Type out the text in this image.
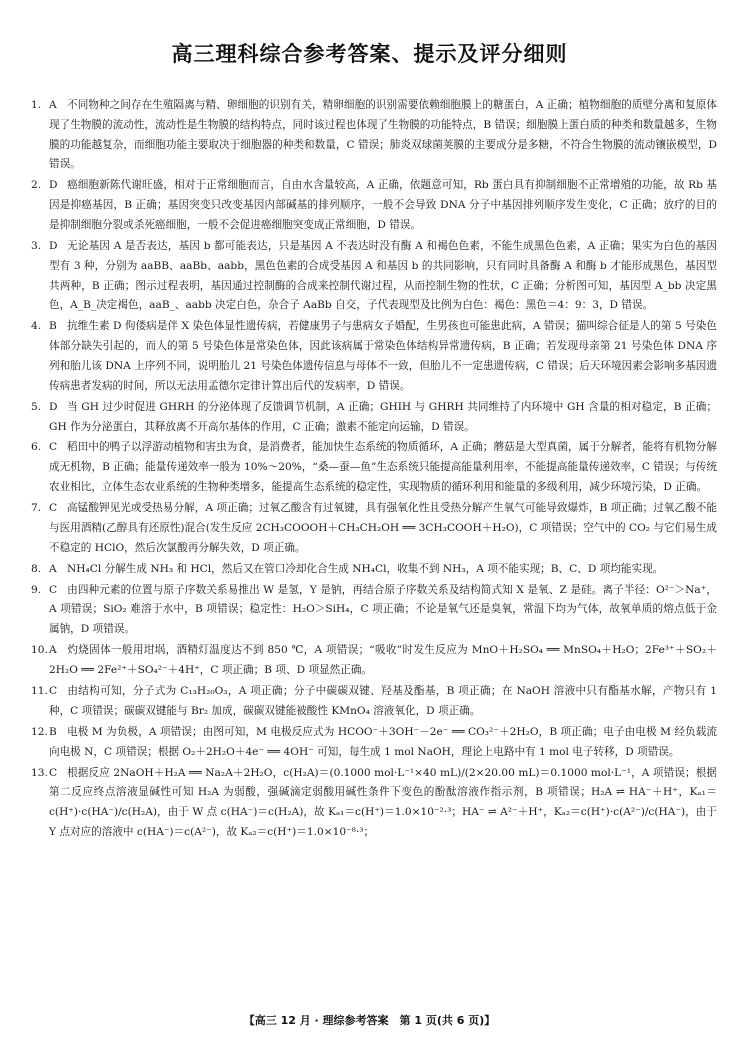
高三理科综合参考答案、提示及评分细则

1. A 不同物种之间存在生殖隔离与精、卵细胞的识别有关，精卵细胞的识别需要依赖细胞膜上的糖蛋白，A 正确；植物细胞的质壁分离和复原体现了生物膜的流动性，流动性是生物膜的结构特点，同时该过程也体现了生物膜的功能特点，B 错误；细胞膜上蛋白质的种类和数量越多，生物膜的功能越复杂，而细胞功能主要取决于细胞器的种类和数量，C 错误；肺炎双球菌荚膜的主要成分是多糖，不符合生物膜的流动镶嵌模型，D 错误。

2. D 癌细胞新陈代谢旺盛，相对于正常细胞而言，自由水含量较高，A 正确，依题意可知，Rb 蛋白具有抑制细胞不正常增殖的功能，故 Rb 基因是抑癌基因，B 正确；基因突变只改变基因内部碱基的排列顺序，一般不会导致 DNA 分子中基因排列顺序发生变化，C 正确；放疗的目的是抑制细胞分裂或杀死癌细胞，一般不会促进癌细胞突变成正常细胞，D 错误。

3. D 无论基因 A 是否表达，基因 b 都可能表达，只是基因 A 不表达时没有酶 A 和褐色色素，不能生成黑色色素，A 正确；果实为白色的基因型有 3 种，分别为 aaBB、aaBb、aabb，黑色色素的合成受基因 A 和基因 b 的共同影响，只有同时具备酶 A 和酶 b 才能形成黑色，基因型共两种，B 正确；图示过程表明，基因通过控制酶的合成来控制代谢过程，从而控制生物的性状，C 正确；分析图可知，基因型 A_bb 决定黑色，A_B_决定褐色，aaB_、aabb 决定白色，杂合子 AaBb 自交，子代表现型及比例为白色：褐色：黑色＝4：9：3，D 错误。

4. B 抗维生素 D 佝偻病是伴 X 染色体显性遗传病，若健康男子与患病女子婚配，生男孩也可能患此病，A 错误；猫叫综合征是人的第 5 号染色体部分缺失引起的，而人的第 5 号染色体是常染色体，因此该病属于常染色体结构异常遗传病，B 正确；若发现母亲第 21 号染色体 DNA 序列和胎儿该 DNA 上序列不同，说明胎儿 21 号染色体遗传信息与母体不一致，但胎儿不一定患遗传病，C 错误；后天环境因素会影响多基因遗传病患者发病的时间，所以无法用孟德尔定律计算出后代的发病率，D 错误。

5. D 当 GH 过少时促进 GHRH 的分泌体现了反馈调节机制，A 正确；GHIH 与 GHRH 共同维持了内环境中 GH 含量的相对稳定，B 正确；GH 作为分泌蛋白，其释放离不开高尔基体的作用，C 正确；激素不能定向运输，D 错误。

6. C 稻田中的鸭子以浮游动植物和害虫为食，是消费者，能加快生态系统的物质循环，A 正确；蘑菇是大型真菌，属于分解者，能将有机物分解成无机物，B 正确；能量传递效率一般为 10%～20%，“桑—蚕—鱼”生态系统只能提高能量利用率，不能提高能量传递效率，C 错误；与传统农业相比，立体生态农业系统的生物种类增多，能提高生态系统的稳定性，实现物质的循环利用和能量的多级利用，减少环境污染，D 正确。

7. C 高锰酸钾见光或受热易分解，A 项正确；过氧乙酸含有过氧键，具有强氧化性且受热分解产生氧气可能导致爆炸，B 项正确；过氧乙酸不能与医用酒精(乙醇具有还原性)混合(发生反应 2CH₃COOOH＋CH₃CH₂OH ══ 3CH₃COOH＋H₂O)，C 项错误；空气中的 CO₂ 与它们易生成不稳定的 HClO，然后次氯酸再分解失效，D 项正确。

8. A NH₄Cl 分解生成 NH₃ 和 HCl，然后又在管口冷却化合生成 NH₄Cl，收集不到 NH₃，A 项不能实现；B、C、D 项均能实现。

9. C 由四种元素的位置与原子序数关系易推出 W 是氢，Y 是钠，再结合原子序数关系及结构简式知 X 是氧、Z 是硅。离子半径：O²⁻＞Na⁺，A 项错误；SiO₂ 难溶于水中，B 项错误；稳定性：H₂O＞SiH₄，C 项正确；不论是氧气还是臭氧，常温下均为气体，故氧单质的熔点低于金属钠，D 项错误。

10.A 灼烧固体一般用坩埚，酒精灯温度达不到 850 ℃，A 项错误；“吸收”时发生反应为 MnO＋H₂SO₄ ══ MnSO₄＋H₂O；2Fe³⁺＋SO₂＋2H₂O ══ 2Fe²⁺＋SO₄²⁻＋4H⁺，C 项正确；B 项、D 项显然正确。

11.C 由结构可知，分子式为 C₁₃H₂₀O₃，A 项正确；分子中碳碳双键、羟基及酯基，B 项正确；在 NaOH 溶液中只有酯基水解，产物只有 1 种，C 项错误；碳碳双键能与 Br₂ 加成，碳碳双键能被酸性 KMnO₄ 溶液氧化，D 项正确。

12.B 电极 M 为负极，A 项错误；由图可知，M 电极反应式为 HCOO⁻＋3OH⁻－2e⁻ ══ CO₃²⁻＋2H₂O，B 项正确；电子由电极 M 经负载流向电极 N，C 项错误；根据 O₂＋2H₂O＋4e⁻ ══ 4OH⁻ 可知，每生成 1 mol NaOH，理论上电路中有 1 mol 电子转移，D 项错误。

13.C 根据反应 2NaOH＋H₂A ══ Na₂A＋2H₂O，c(H₂A)＝(0.1000 mol·L⁻¹×40 mL)/(2×20.00 mL)＝0.1000 mol·L⁻¹，A 项错误；根据第二反应终点溶液显碱性可知 H₂A 为弱酸，强碱滴定弱酸用碱性条件下变色的酚酞溶液作指示剂，B 项错误；H₂A ⇌ HA⁻＋H⁺，Kₐ₁＝c(H⁺)·c(HA⁻)/c(H₂A)，由于 W 点 c(HA⁻)＝c(H₂A)，故 Kₐ₁＝c(H⁺)＝1.0×10⁻²·³；HA⁻ ⇌ A²⁻＋H⁺，Kₐ₂＝c(H⁺)·c(A²⁻)/c(HA⁻)，由于 Y 点对应的溶液中 c(HA⁻)＝c(A²⁻)，故 Kₐ₂＝c(H⁺)＝1.0×10⁻⁸·³；

【高三 12 月 · 理综参考答案　第 1 页(共 6 页)】
